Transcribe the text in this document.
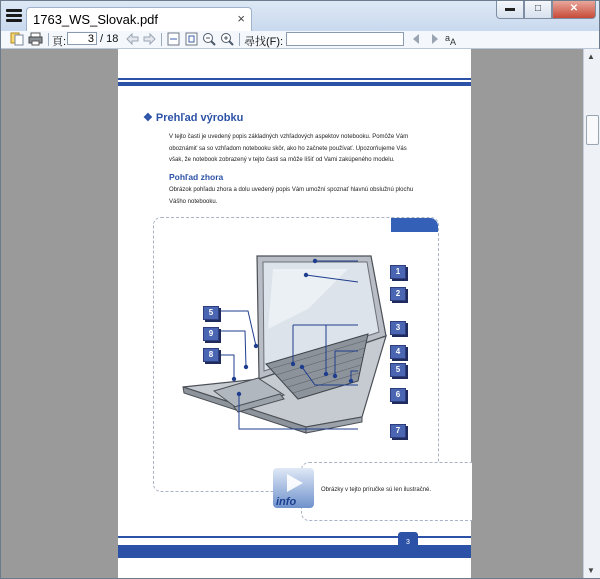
1763_WS_Slovak.pdf	×
▬	□	✕
頁:	3 / 18	尋找(F):	a A
❖ Prehľad výrobku
V tejto časti je uvedený popis základných vzhľadových aspektov notebooku. Pomôže Vám
oboznámiť sa so vzhľadom notebooku skôr, ako ho začnete používať. Upozorňujeme Vás
však, že notebook zobrazený v tejto časti sa môže líšiť od Vami zakúpeného modelu.
Pohľad zhora
Obrázok pohľadu zhora a dolu uvedený popis Vám umožní spoznať hlavnú obslužnú plochu
Vášho notebooku.
1
2
3
4
5
6
7
5
9
8
info
Obrázky v tejto príručke sú len ilustračné.
3
▲
▼
